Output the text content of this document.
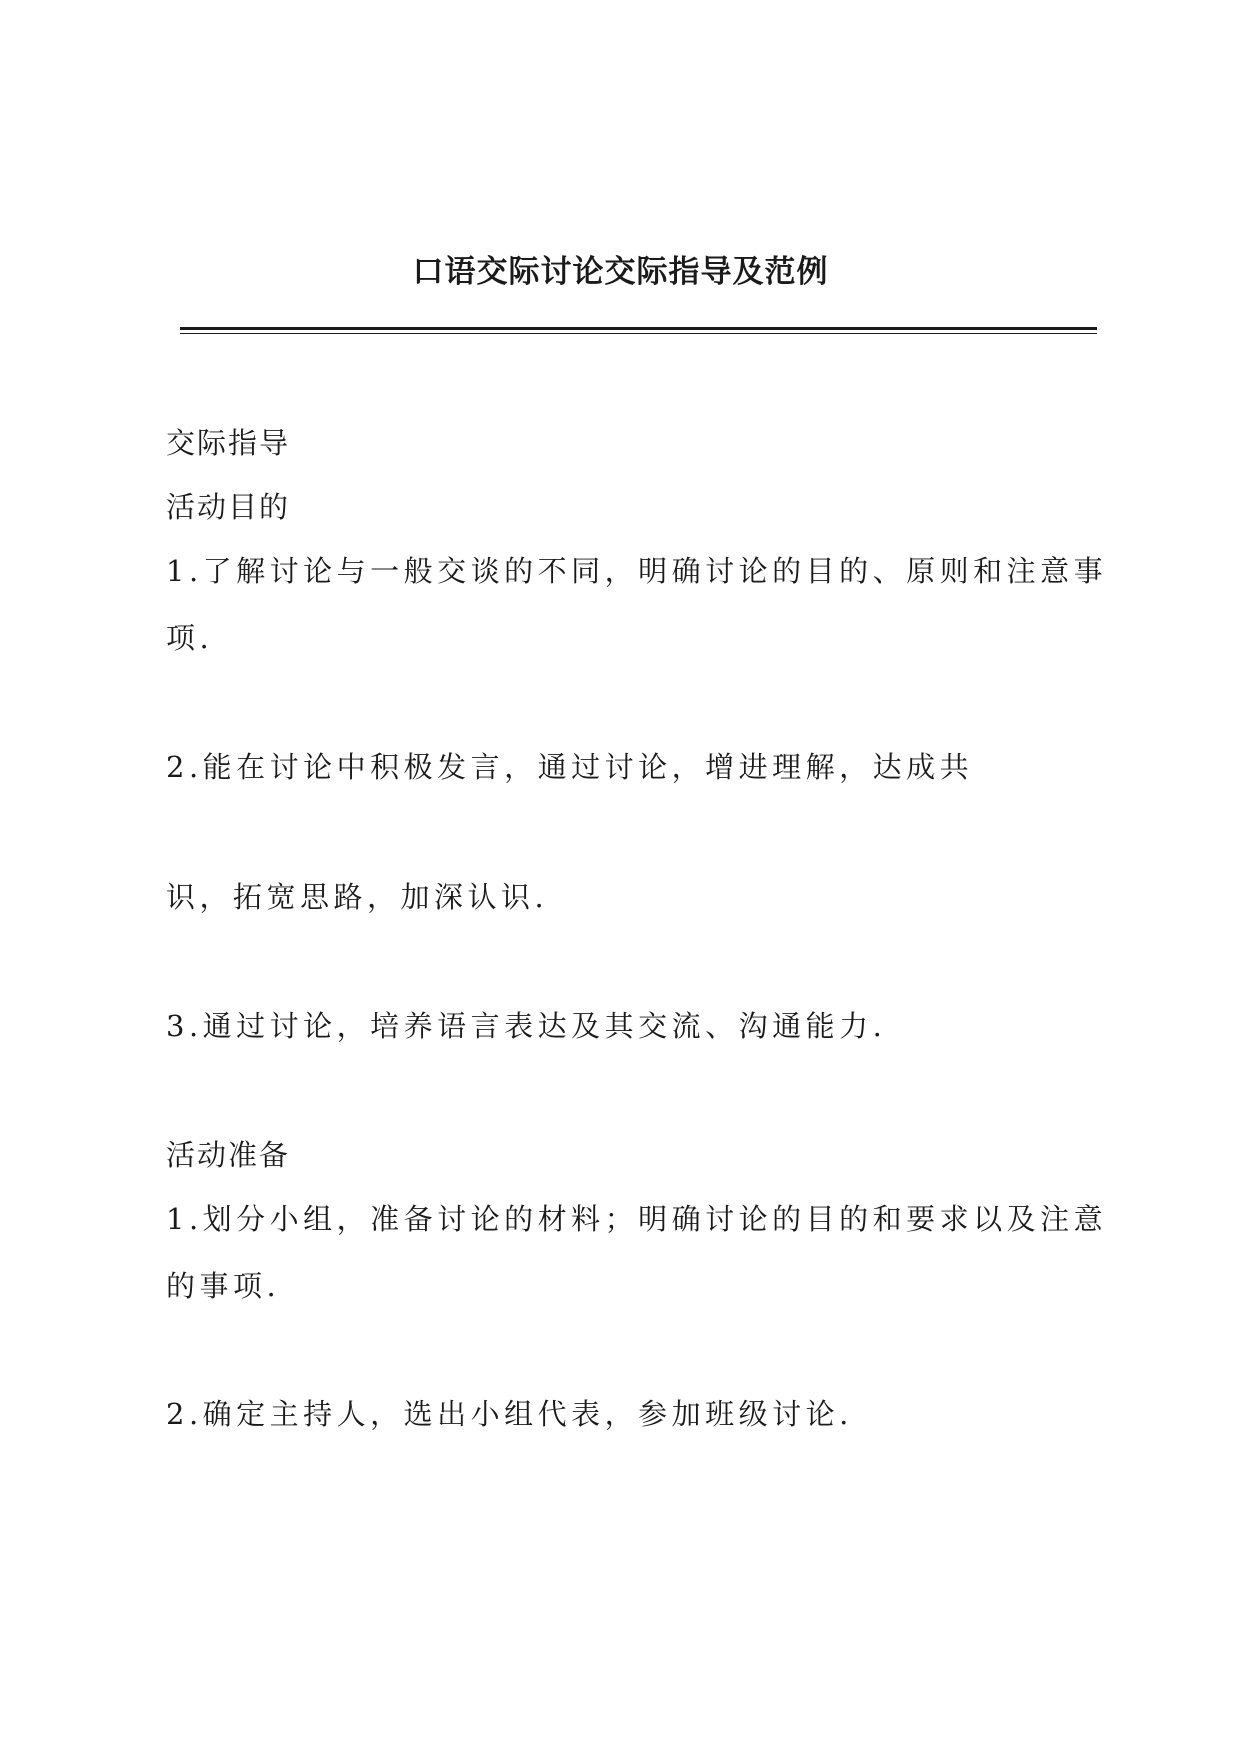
口语交际讨论交际指导及范例
交际指导
活动目的
1.了解讨论与一般交谈的不同，明确讨论的目的、原则和注意事
项.
2.能在讨论中积极发言，通过讨论，增进理解，达成共
识，拓宽思路，加深认识.
3.通过讨论，培养语言表达及其交流、沟通能力.
活动准备
1.划分小组，准备讨论的材料；明确讨论的目的和要求以及注意
的事项.
2.确定主持人，选出小组代表，参加班级讨论.
